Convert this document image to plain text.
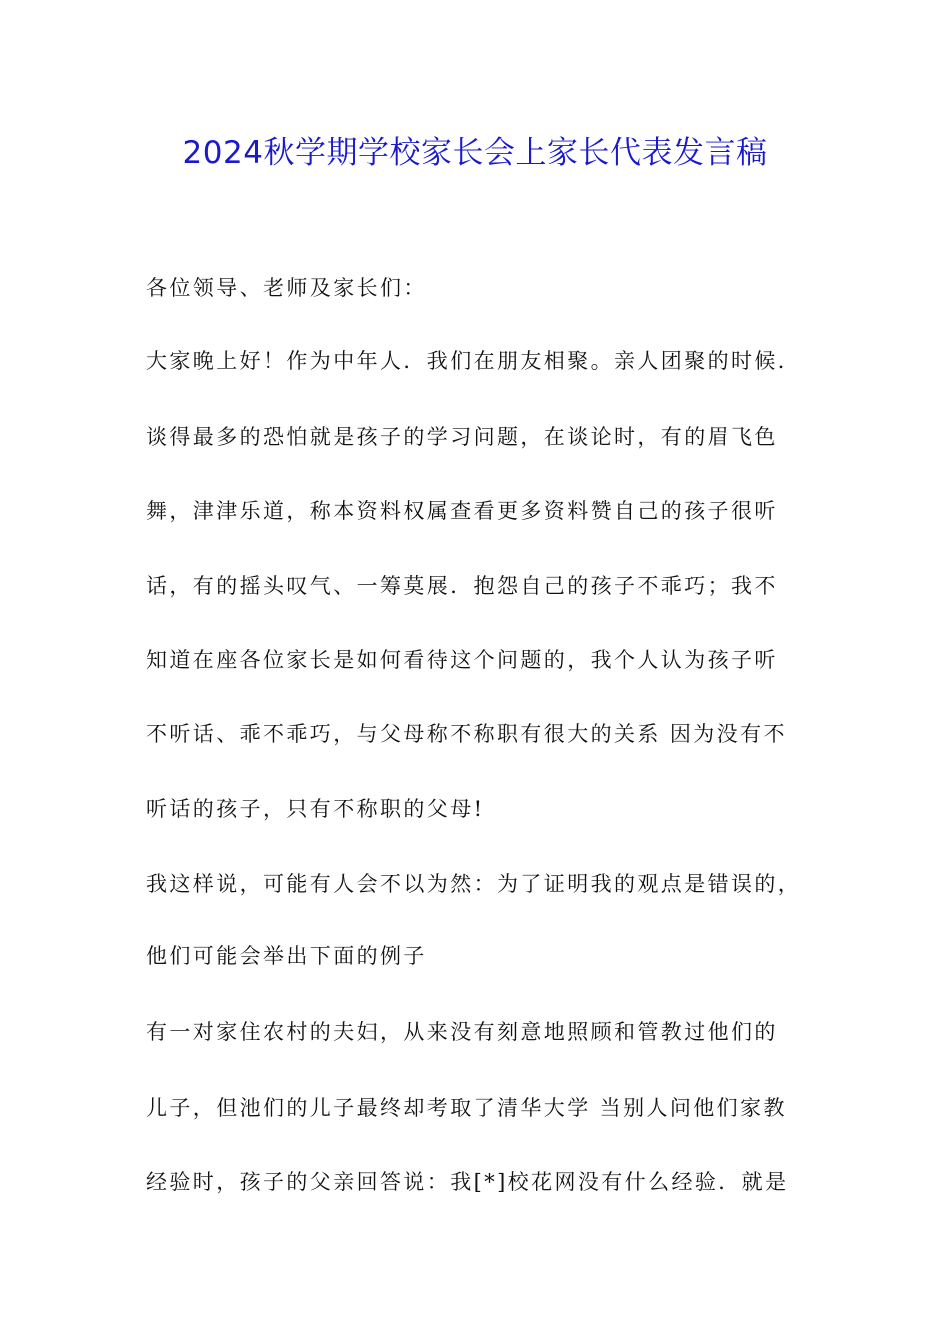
2024秋学期学校家长会上家长代表发言稿
各位领导、老师及家长们：
大家晚上好！作为中年人．我们在朋友相聚。亲人团聚的时候．
谈得最多的恐怕就是孩子的学习问题，在谈论时，有的眉飞色
舞，津津乐道，称本资料权属查看更多资料赞自己的孩子很听
话，有的摇头叹气、一筹莫展．抱怨自己的孩子不乖巧；我不
知道在座各位家长是如何看待这个问题的，我个人认为孩子听
不听话、乖不乖巧，与父母称不称职有很大的关系 因为没有不
听话的孩子，只有不称职的父母!
我这样说，可能有人会不以为然：为了证明我的观点是错误的，
他们可能会举出下面的例子
有一对家住农村的夫妇，从来没有刻意地照顾和管教过他们的
儿子，但池们的儿子最终却考取了清华大学 当别人问他们家教
经验时，孩子的父亲回答说：我[*]校花网没有什么经验．就是
